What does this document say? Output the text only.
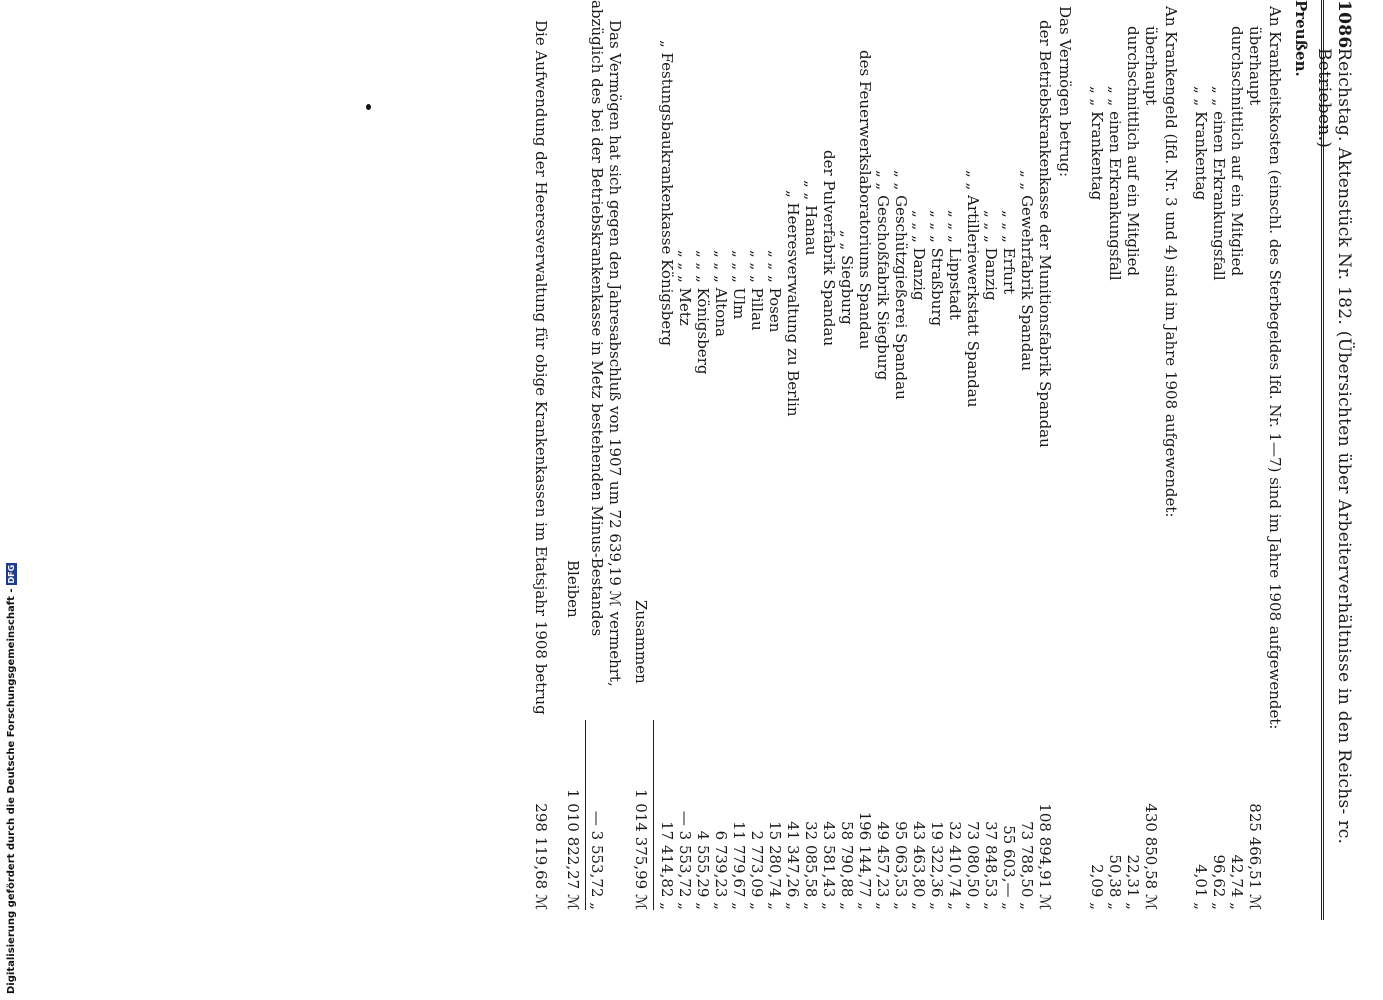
1086
Reichstag. Aktenstück Nr. 182. (Übersichten über Arbeiterverhältnisse in den Reichs- rc. Betrieben.)
Preußen.
An Krankheitskosten (einschl. des Sterbegeldes lfd. Nr. 1—7) sind im Jahre 1908 aufgewendet:
überhaupt
825 466,51 ℳ
durchschnittlich auf ein Mitglied
42,74 „
„ „ einen Erkrankungsfall
96,62 „
„ „ Krankentag
4,01 „
An Krankengeld (lfd. Nr. 3 und 4) sind im Jahre 1908 aufgewendet:
überhaupt
430 850,58 ℳ
durchschnittlich auf ein Mitglied
22,31 „
„ „ einen Erkrankungsfall
50,38 „
„ „ Krankentag
2,09 „
Das Vermögen betrug:
der Betriebskrankenkasse der Munitionsfabrik Spandau
108 894,91 ℳ
„ „ Gewehrfabrik Spandau
73 788,50 „
„ „ „ Erfurt
55 603,— „
„ „ „ Danzig
37 848,53 „
„ „ Artilleriewerkstatt Spandau
73 080,50 „
„ „ „ Lippstadt
32 410,74 „
„ „ „ Straßburg
19 322,36 „
„ „ „ Danzig
43 463,80 „
„ „ Geschützgießerei Spandau
95 063,53 „
„ „ Geschoßfabrik Siegburg
49 457,23 „
des Feuerwerkslaboratoriums Spandau
196 144,77 „
„ „ Siegburg
58 790,88 „
der Pulverfabrik Spandau
43 581,43 „
„ „ Hanau
32 085,58 „
„ Heeresverwaltung zu Berlin
41 347,26 „
„ „ „ Posen
15 280,74 „
„ „ „ Pillau
2 773,09 „
„ „ „ Ulm
11 779,67 „
„ „ „ Altona
6 739,23 „
„ „ „ Königsberg
4 555,29 „
„ „ „ Metz
— 3 553,72 „
„ Festungsbaukrankenkasse Königsberg
17 414,82 „
Zusammen
1 014 375,99 ℳ
Das Vermögen hat sich gegen den Jahresabschluß von 1907 um 72 639,19 ℳ vermehrt,
abzüglich des bei der Betriebskrankenkasse in Metz bestehenden Minus-Bestandes
— 3 553,72 „
Bleiben
1 010 822,27 ℳ
Die Aufwendung der Heeresverwaltung für obige Krankenkassen im Etatsjahr 1908 betrug
298 119,68 ℳ
Digitalisierung gefördert durch die Deutsche Forschungsgemeinschaft -DFG
